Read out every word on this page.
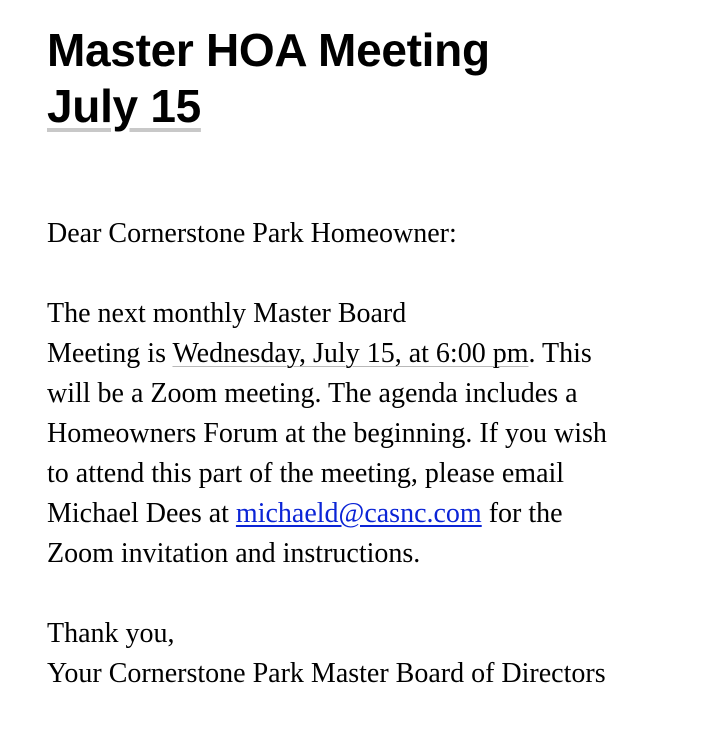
Master HOA Meeting
July 15

Dear Cornerstone Park Homeowner:

The next monthly Master Board
Meeting is Wednesday, July 15, at 6:00 pm. This
will be a Zoom meeting. The agenda includes a
Homeowners Forum at the beginning. If you wish
to attend this part of the meeting, please email
Michael Dees at michaeld@casnc.com for the
Zoom invitation and instructions.

Thank you,
Your Cornerstone Park Master Board of Directors
